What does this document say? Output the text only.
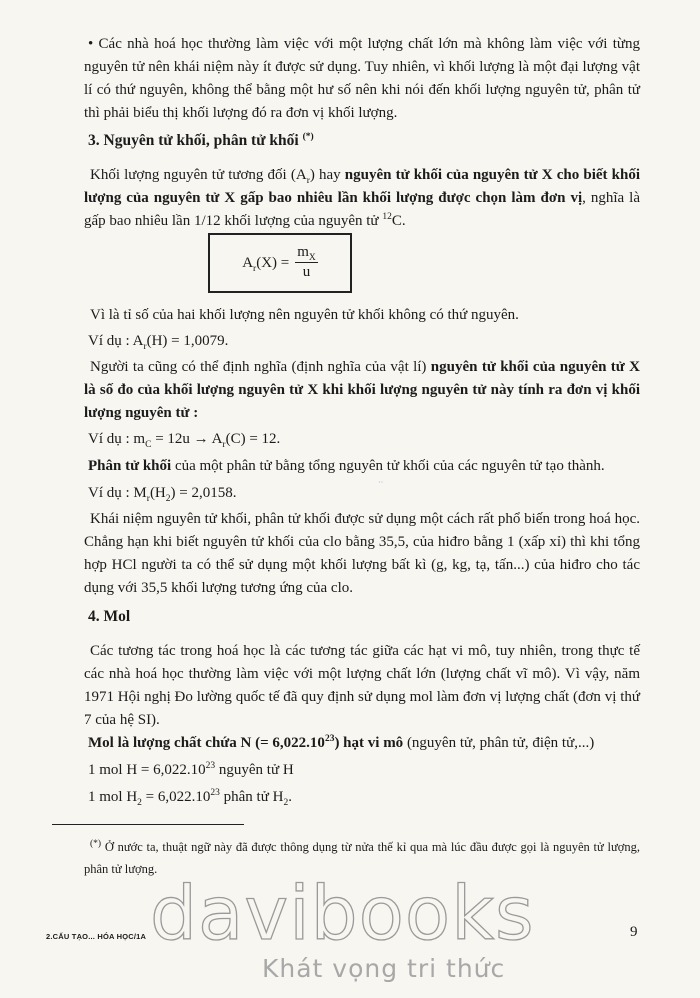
• Các nhà hoá học thường làm việc với một lượng chất lớn mà không làm việc với từng nguyên tử nên khái niệm này ít được sử dụng. Tuy nhiên, vì khối lượng là một đại lượng vật lí có thứ nguyên, không thể bằng một hư số nên khi nói đến khối lượng nguyên tử, phân tử thì phải biểu thị khối lượng đó ra đơn vị khối lượng.

3. Nguyên tử khối, phân tử khối (*)

Khối lượng nguyên tử tương đối $(A_r)$ hay nguyên tử khối của nguyên tử X cho biết khối lượng của nguyên tử X gấp bao nhiêu lần khối lượng được chọn làm đơn vị, nghĩa là gấp bao nhiêu lần 1/12 khối lượng của nguyên tử $^{12}$C.

$A_r(X) = \frac{m_X}{u}$

Vì là tỉ số của hai khối lượng nên nguyên tử khối không có thứ nguyên.

Ví dụ : $A_r(H) = 1,0079$.

Người ta cũng có thể định nghĩa (định nghĩa của vật lí) nguyên tử khối của nguyên tử X là số đo của khối lượng nguyên tử X khi khối lượng nguyên tử này tính ra đơn vị khối lượng nguyên tử :

Ví dụ : $m_C = 12u \to A_r(C) = 12$.

Phân tử khối của một phân tử bằng tổng nguyên tử khối của các nguyên tử tạo thành.

··

Ví dụ : $M_r(H_2) = 2,0158$.

Khái niệm nguyên tử khối, phân tử khối được sử dụng một cách rất phổ biến trong hoá học. Chẳng hạn khi biết nguyên tử khối của clo bằng 35,5, của hiđro bằng 1 (xấp xỉ) thì khi tổng hợp HCl người ta có thể sử dụng một khối lượng bất kì (g, kg, tạ, tấn...) của hiđro cho tác dụng với 35,5 khối lượng tương ứng của clo.

4. Mol

Các tương tác trong hoá học là các tương tác giữa các hạt vi mô, tuy nhiên, trong thực tế các nhà hoá học thường làm việc với một lượng chất lớn (lượng chất vĩ mô). Vì vậy, năm 1971 Hội nghị Đo lường quốc tế đã quy định sử dụng mol làm đơn vị lượng chất (đơn vị thứ 7 của hệ SI).

Mol là lượng chất chứa N (= $6,022.10^{23}$) hạt vi mô (nguyên tử, phân tử, điện tử,...)

1 mol $H = 6,022.10^{23}$ nguyên tử H

1 mol $H_2 = 6,022.10^{23}$ phân tử $H_2$.

(*) Ở nước ta, thuật ngữ này đã được thông dụng từ nửa thế kỉ qua mà lúc đầu được gọi là nguyên tử lượng, phân tử lượng.

davibooks
Khát vọng tri thức
2.CẤU TẠO... HÓA HỌC/1A	9
